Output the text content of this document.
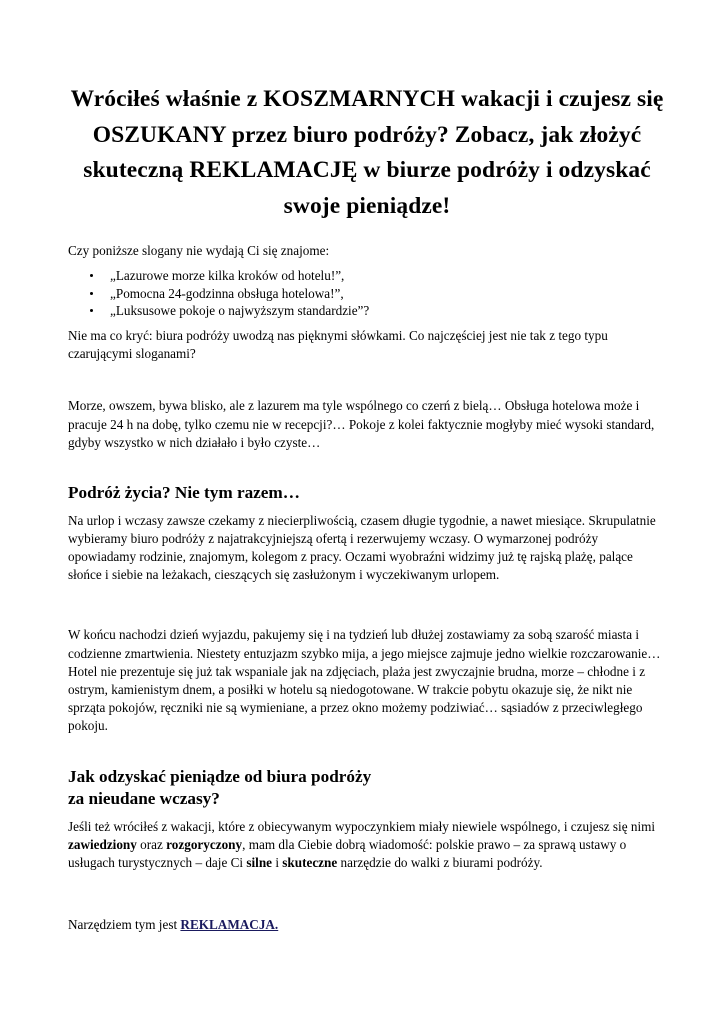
Wróciłeś właśnie z KOSZMARNYCH wakacji i czujesz się OSZUKANY przez biuro podróży? Zobacz, jak złożyć skuteczną REKLAMACJĘ w biurze podróży i odzyskać swoje pieniądze!

Czy poniższe slogany nie wydają Ci się znajome:

„Lazurowe morze kilka kroków od hotelu!”,
„Pomocna 24-godzinna obsługa hotelowa!”,
„Luksusowe pokoje o najwyższym standardzie”?

Nie ma co kryć: biura podróży uwodzą nas pięknymi słówkami. Co najczęściej jest nie tak z tego typu czarującymi sloganami?

Morze, owszem, bywa blisko, ale z lazurem ma tyle wspólnego co czerń z bielą… Obsługa hotelowa może i pracuje 24 h na dobę, tylko czemu nie w recepcji?… Pokoje z kolei faktycznie mogłyby mieć wysoki standard, gdyby wszystko w nich działało i było czyste…

Podróż życia? Nie tym razem…

Na urlop i wczasy zawsze czekamy z niecierpliwością, czasem długie tygodnie, a nawet miesiące. Skrupulatnie wybieramy biuro podróży z najatrakcyjniejszą ofertą i rezerwujemy wczasy. O wymarzonej podróży opowiadamy rodzinie, znajomym, kolegom z pracy. Oczami wyobraźni widzimy już tę rajską plażę, palące słońce i siebie na leżakach, cieszących się zasłużonym i wyczekiwanym urlopem.

W końcu nachodzi dzień wyjazdu, pakujemy się i na tydzień lub dłużej zostawiamy za sobą szarość miasta i codzienne zmartwienia. Niestety entuzjazm szybko mija, a jego miejsce zajmuje jedno wielkie rozczarowanie… Hotel nie prezentuje się już tak wspaniale jak na zdjęciach, plaża jest zwyczajnie brudna, morze – chłodne i z ostrym, kamienistym dnem, a posiłki w hotelu są niedogotowane. W trakcie pobytu okazuje się, że nikt nie sprząta pokojów, ręczniki nie są wymieniane, a przez okno możemy podziwiać… sąsiadów z przeciwległego pokoju.

Jak odzyskać pieniądze od biura podróży
za nieudane wczasy?

Jeśli też wróciłeś z wakacji, które z obiecywanym wypoczynkiem miały niewiele wspólnego, i czujesz się nimi zawiedziony oraz rozgoryczony, mam dla Ciebie dobrą wiadomość: polskie prawo – za sprawą ustawy o usługach turystycznych – daje Ci silne i skuteczne narzędzie do walki z biurami podróży.

Narzędziem tym jest REKLAMACJA.
